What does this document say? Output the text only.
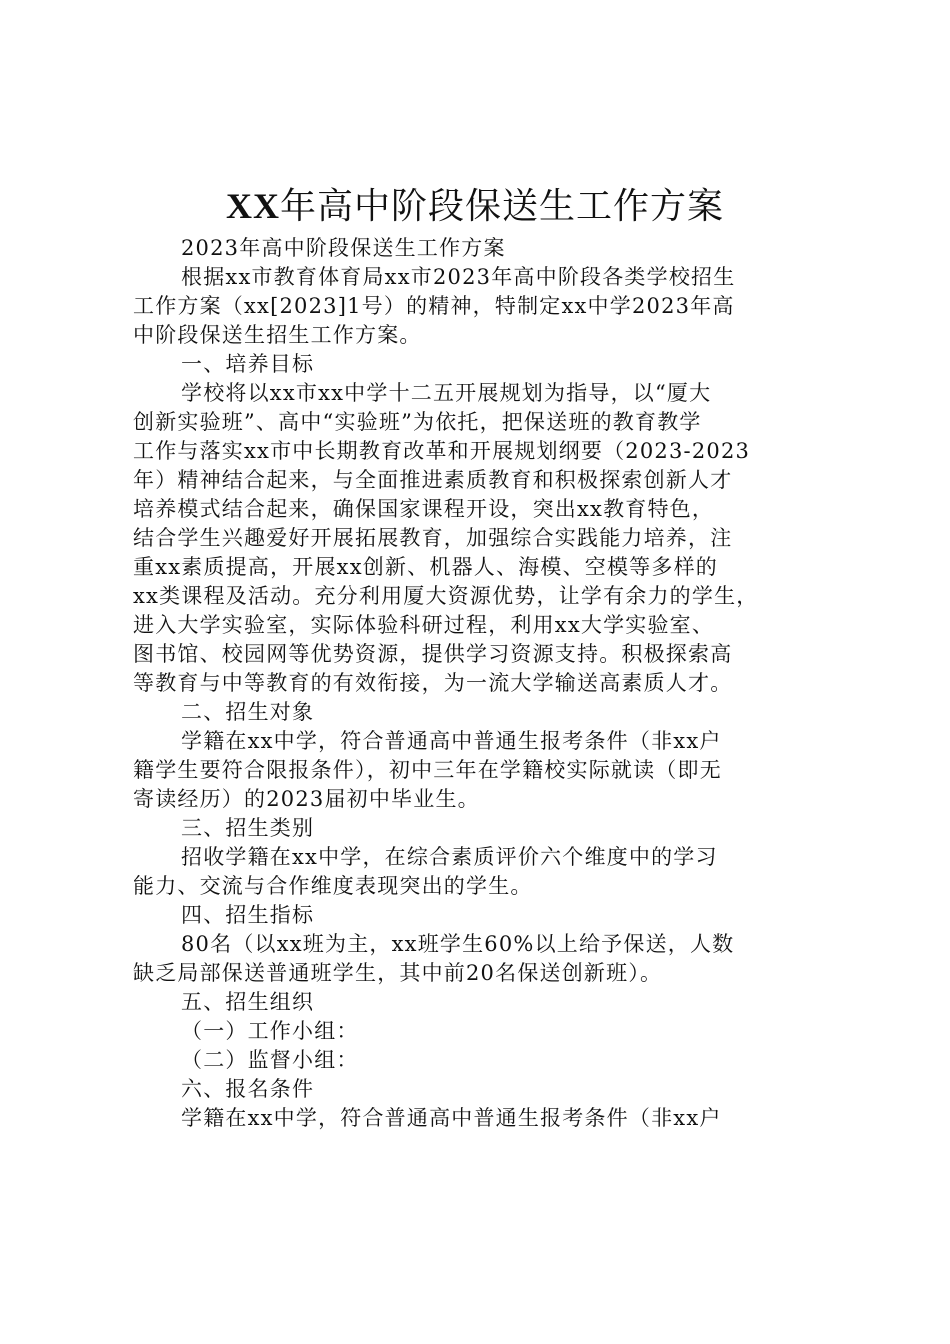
XX年高中阶段保送生工作方案
2023年高中阶段保送生工作方案
根据xx市教育体育局xx市2023年高中阶段各类学校招生
工作方案（xx[2023]1号）的精神，特制定xx中学2023年高
中阶段保送生招生工作方案。
一、培养目标
学校将以xx市xx中学十二五开展规划为指导，以“厦大
创新实验班”、高中“实验班”为依托，把保送班的教育教学
工作与落实xx市中长期教育改革和开展规划纲要（2023-2023
年）精神结合起来，与全面推进素质教育和积极探索创新人才
培养模式结合起来，确保国家课程开设，突出xx教育特色，
结合学生兴趣爱好开展拓展教育，加强综合实践能力培养，注
重xx素质提高，开展xx创新、机器人、海模、空模等多样的
xx类课程及活动。充分利用厦大资源优势，让学有余力的学生，
进入大学实验室，实际体验科研过程，利用xx大学实验室、
图书馆、校园网等优势资源，提供学习资源支持。积极探索高
等教育与中等教育的有效衔接，为一流大学输送高素质人才。
二、招生对象
学籍在xx中学，符合普通高中普通生报考条件（非xx户
籍学生要符合限报条件），初中三年在学籍校实际就读（即无
寄读经历）的2023届初中毕业生。
三、招生类别
招收学籍在xx中学，在综合素质评价六个维度中的学习
能力、交流与合作维度表现突出的学生。
四、招生指标
80名（以xx班为主，xx班学生60%以上给予保送，人数
缺乏局部保送普通班学生，其中前20名保送创新班）。
五、招生组织
（一）工作小组：
（二）监督小组：
六、报名条件
学籍在xx中学，符合普通高中普通生报考条件（非xx户
